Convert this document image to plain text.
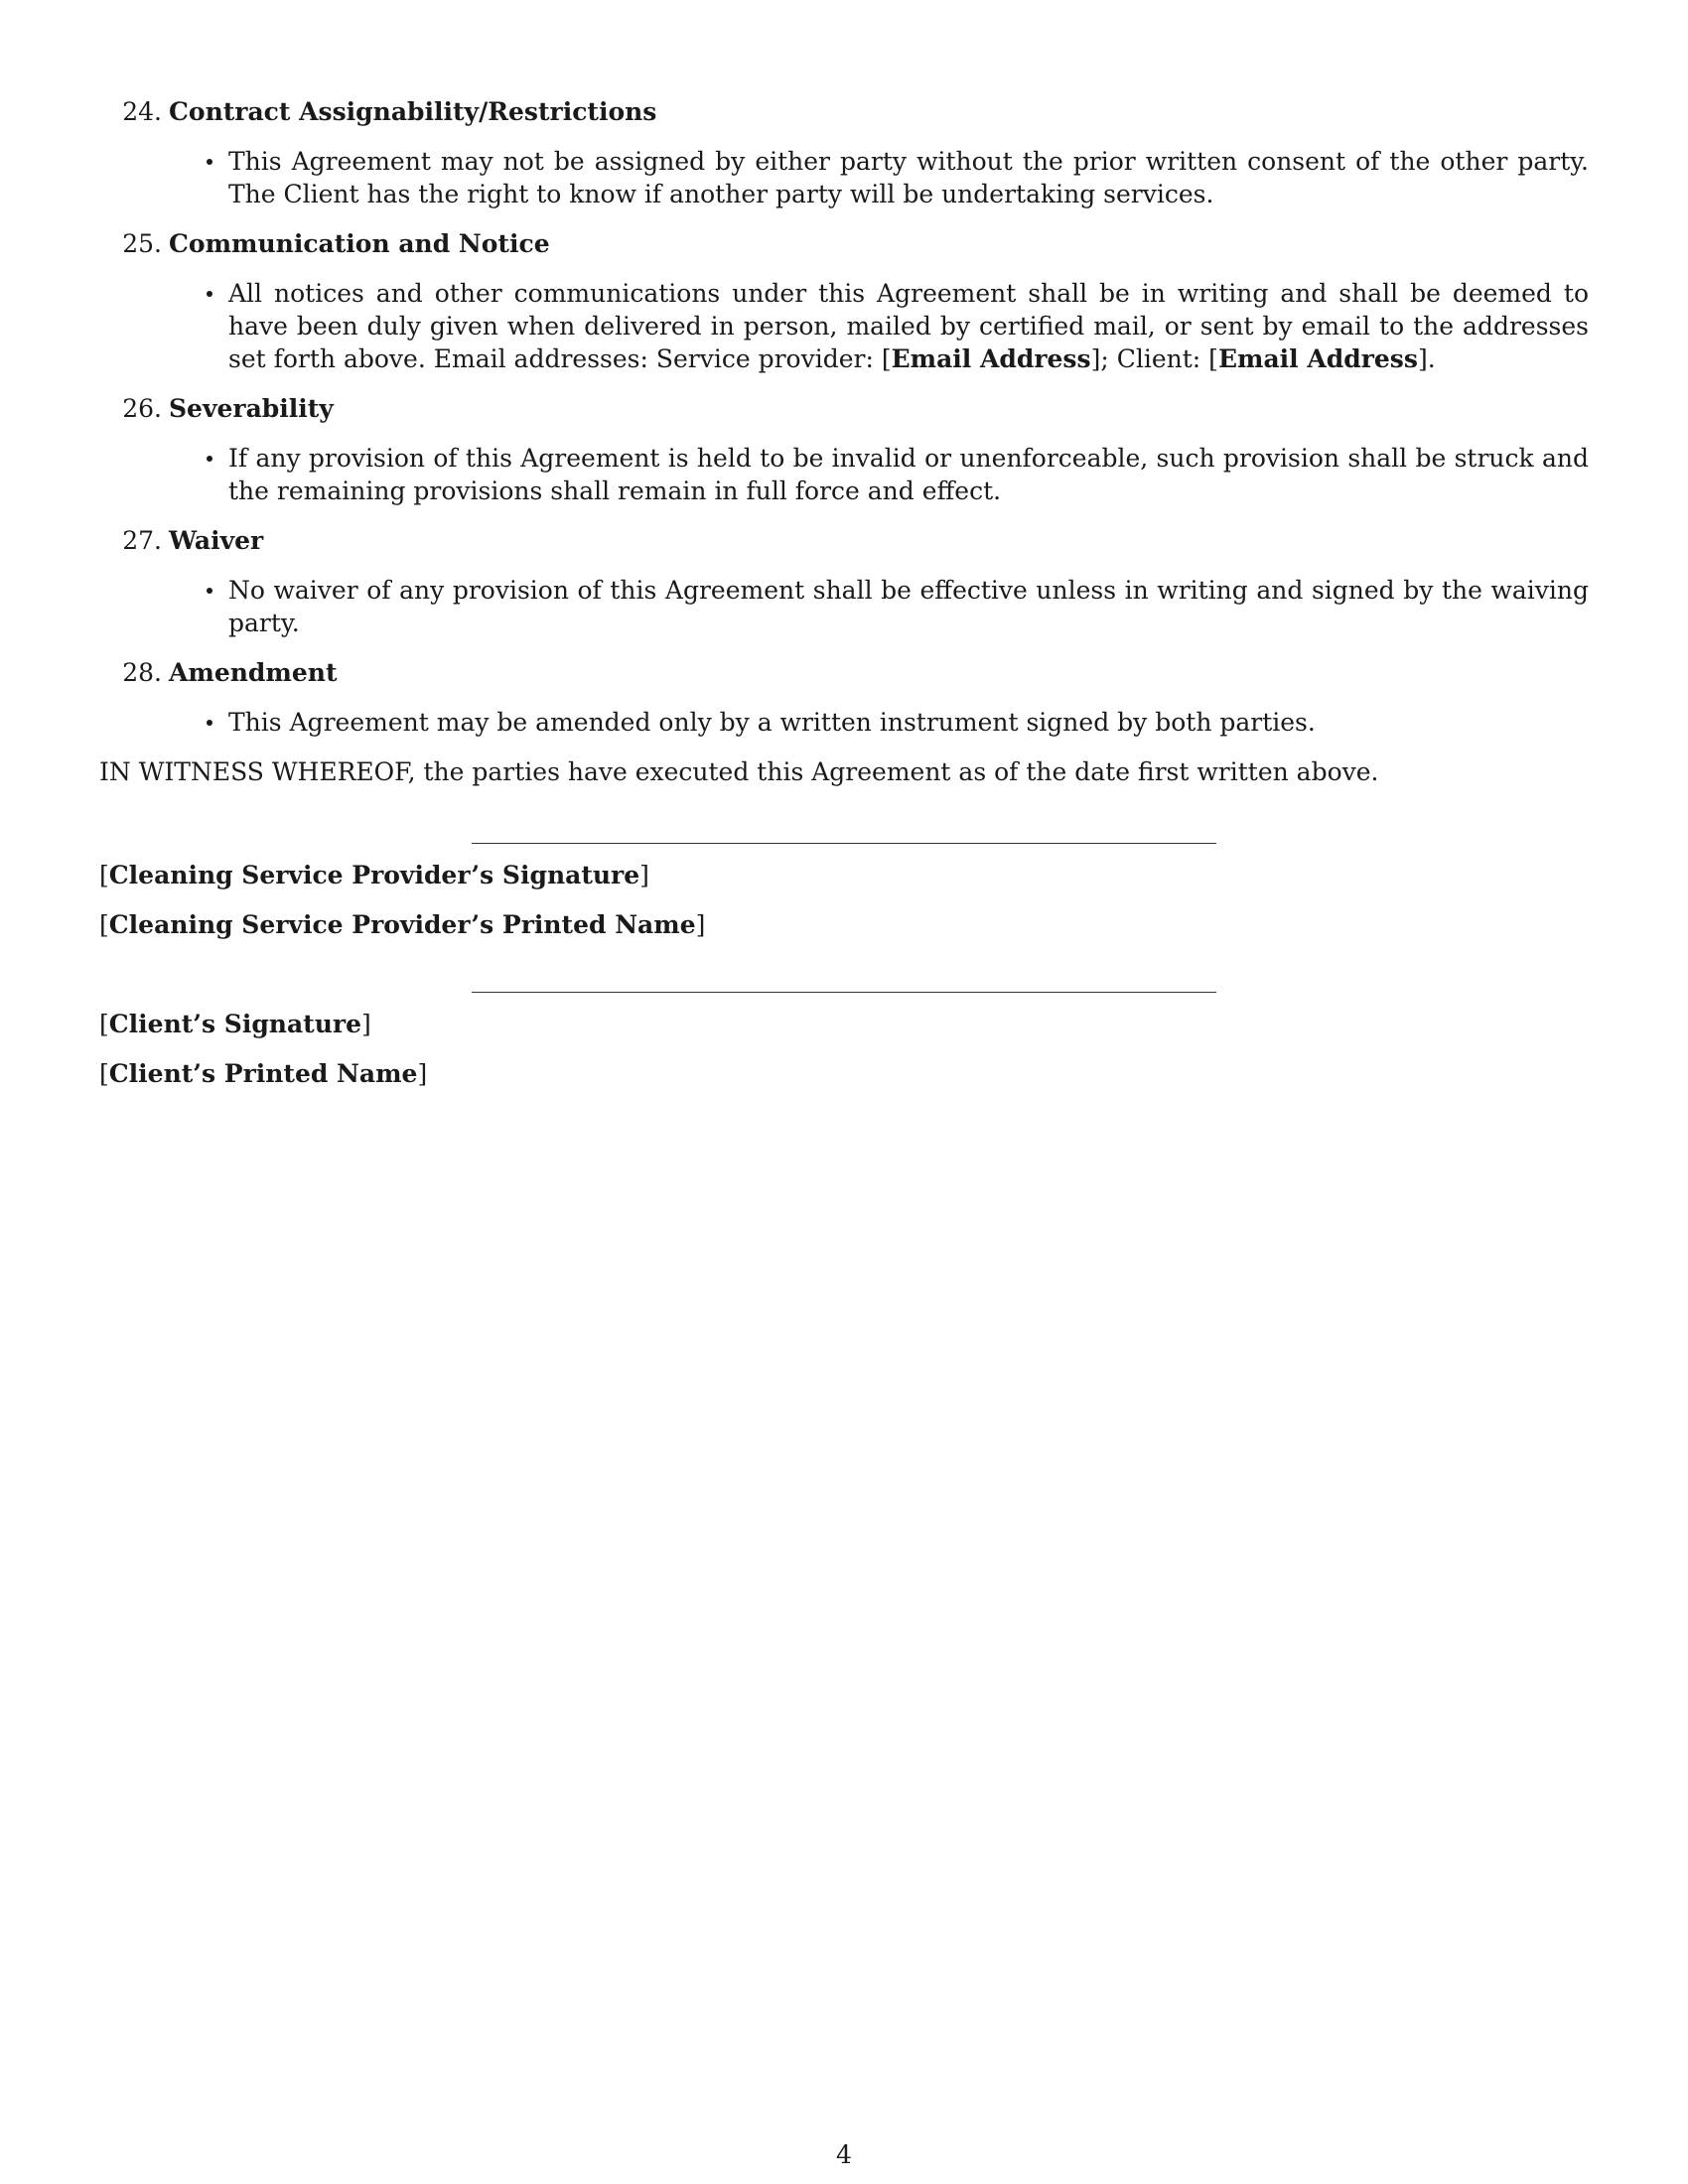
24. Contract Assignability/Restrictions
This Agreement may not be assigned by either party without the prior written consent of the other party. The Client has the right to know if another party will be undertaking services.
25. Communication and Notice
All notices and other communications under this Agreement shall be in writing and shall be deemed to have been duly given when delivered in person, mailed by certified mail, or sent by email to the addresses set forth above. Email addresses: Service provider: [Email Address]; Client: [Email Address].
26. Severability
If any provision of this Agreement is held to be invalid or unenforceable, such provision shall be struck and the remaining provisions shall remain in full force and effect.
27. Waiver
No waiver of any provision of this Agreement shall be effective unless in writing and signed by the waiving party.
28. Amendment
This Agreement may be amended only by a written instrument signed by both parties.
IN WITNESS WHEREOF, the parties have executed this Agreement as of the date first written above.
[Cleaning Service Provider’s Signature]
[Cleaning Service Provider’s Printed Name]
[Client’s Signature]
[Client’s Printed Name]
4
